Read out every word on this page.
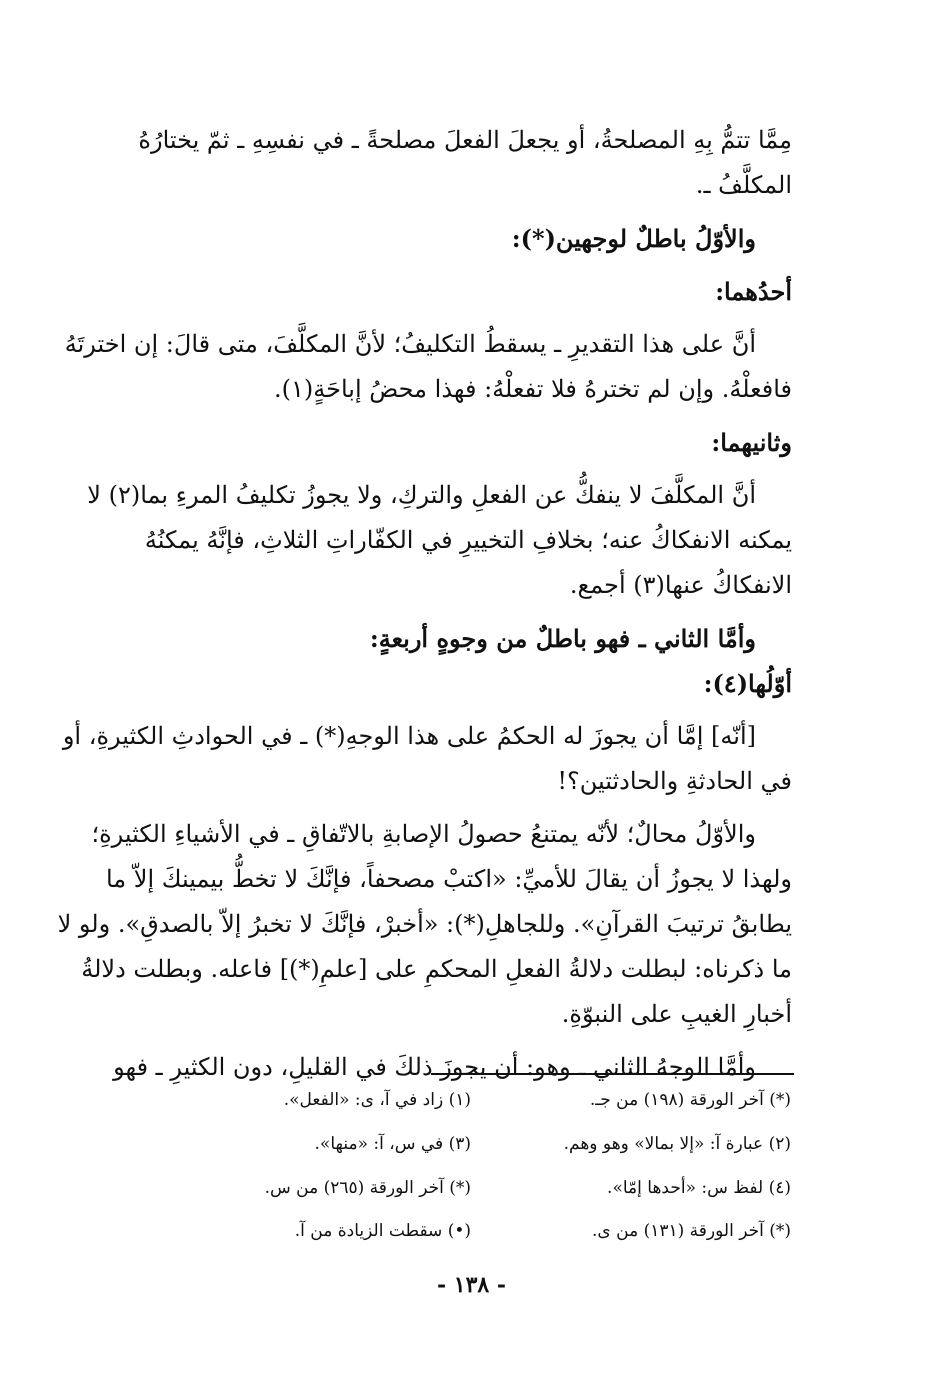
مِمَّا تتمُّ بِهِ المصلحةُ، أو يجعلَ الفعلَ مصلحةً ـ في نفسِهِ ـ ثمّ يختارُهُ
المكلَّفُ ـ.
والأوّلُ باطلٌ لوجهين(*):
أحدُهما:
أنَّ على هذا التقديرِ ـ يسقطُ التكليفُ؛ لأنَّ المكلَّفَ، متى قالَ: إن اخترتَهُ
فافعلْهُ. وإن لم تخترهُ فلا تفعلْهُ: فهذا محضُ إباحَةٍ(١).
وثانيهما:
أنَّ المكلَّفَ لا ينفكُّ عن الفعلِ والتركِ، ولا يجوزُ تكليفُ المرءِ بما(٢) لا
يمكنه الانفكاكُ عنه؛ بخلافِ التخييرِ في الكفّاراتِ الثلاثِ، فإنَّهُ يمكنُهُ
الانفكاكُ عنها(٣) أجمع.
وأمَّا الثاني ـ فهو باطلٌ من وجوهٍ أربعةٍ:
أوّلُها(٤):
[أنّه] إمَّا أن يجوزَ له الحكمُ على هذا الوجهِ(*) ـ في الحوادثِ الكثيرةِ، أو
في الحادثةِ والحادثتين؟!
والأوّلُ محالٌ؛ لأنّه يمتنعُ حصولُ الإصابةِ بالاتّفاقِ ـ في الأشياءِ الكثيرةِ؛
ولهذا لا يجوزُ أن يقالَ للأميِّ: «اكتبْ مصحفاً، فإنَّكَ لا تخطُّ بيمينكَ إلاّ ما
يطابقُ ترتيبَ القرآنِ». وللجاهلِ(*): «أخبرْ، فإنَّكَ لا تخبرُ إلاّ بالصدقِ». ولو لا
ما ذكرناه: لبطلت دلالةُ الفعلِ المحكمِ على [علمِ(*)] فاعله. وبطلت دلالةُ
أخبارِ الغيبِ على النبوّةِ.
وأمَّا الوجهُ الثاني ـ وهو: أن يجوزَ ذلكَ في القليلِ، دون الكثيرِ ـ فهو
(*) آخر الورقة (١٩٨) من جـ.
(١) زاد في آ، ى: «الفعل».
(٢) عبارة آ: «إلا بمالا» وهو وهم.
(٣) في س، آ: «منها».
(٤) لفظ س: «أحدها إمّا».
(*) آخر الورقة (٢٦٥) من س.
(*) آخر الورقة (١٣١) من ى.
(•) سقطت الزيادة من آ.
- ١٣٨ -
